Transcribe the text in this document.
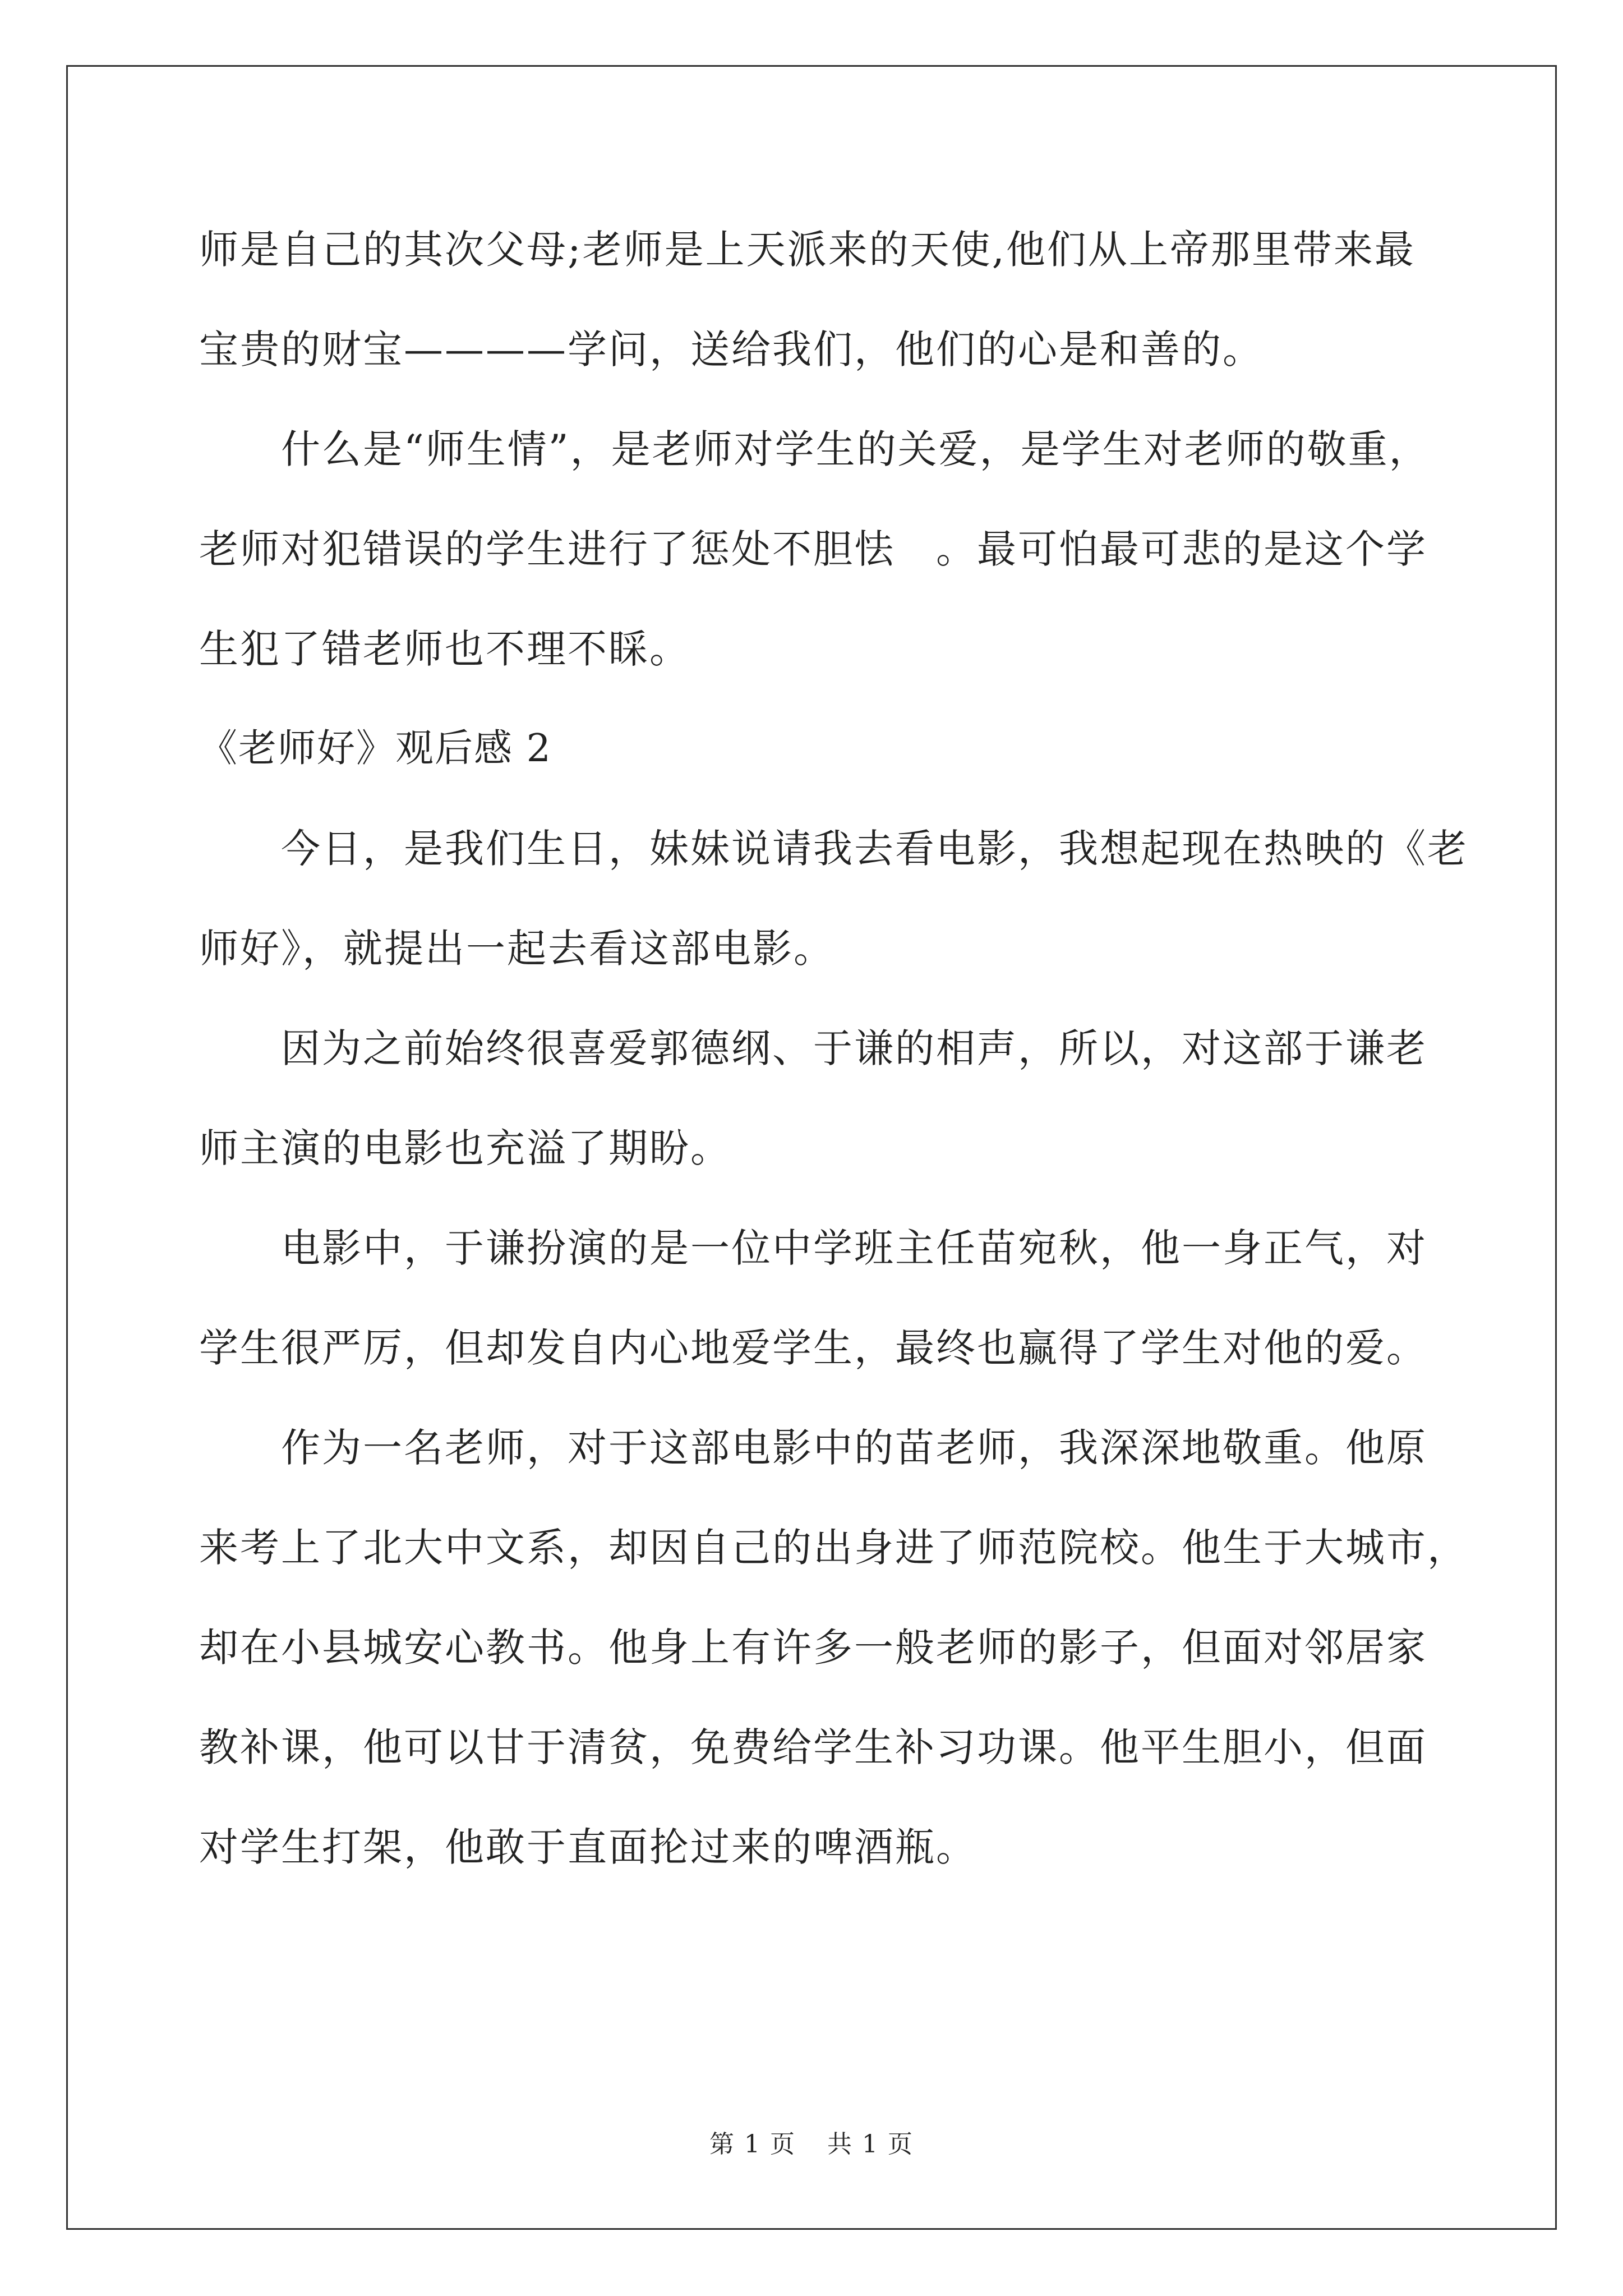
师是自己的其次父母;老师是上天派来的天使,他们从上帝那里带来最
宝贵的财宝————学问，送给我们，他们的心是和善的。
什么是“师生情”，是老师对学生的关爱，是学生对老师的敬重，
老师对犯错误的学生进行了惩处不胆怯　。最可怕最可悲的是这个学
生犯了错老师也不理不睬。
《老师好》观后感 2
今日，是我们生日，妹妹说请我去看电影，我想起现在热映的《老
师好》，就提出一起去看这部电影。
因为之前始终很喜爱郭德纲、于谦的相声，所以，对这部于谦老
师主演的电影也充溢了期盼。
电影中，于谦扮演的是一位中学班主任苗宛秋，他一身正气，对
学生很严厉，但却发自内心地爱学生，最终也赢得了学生对他的爱。
作为一名老师，对于这部电影中的苗老师，我深深地敬重。他原
来考上了北大中文系，却因自己的出身进了师范院校。他生于大城市，
却在小县城安心教书。他身上有许多一般老师的影子，但面对邻居家
教补课，他可以甘于清贫，免费给学生补习功课。他平生胆小，但面
对学生打架，他敢于直面抡过来的啤酒瓶。
第 1 页 共 1 页
